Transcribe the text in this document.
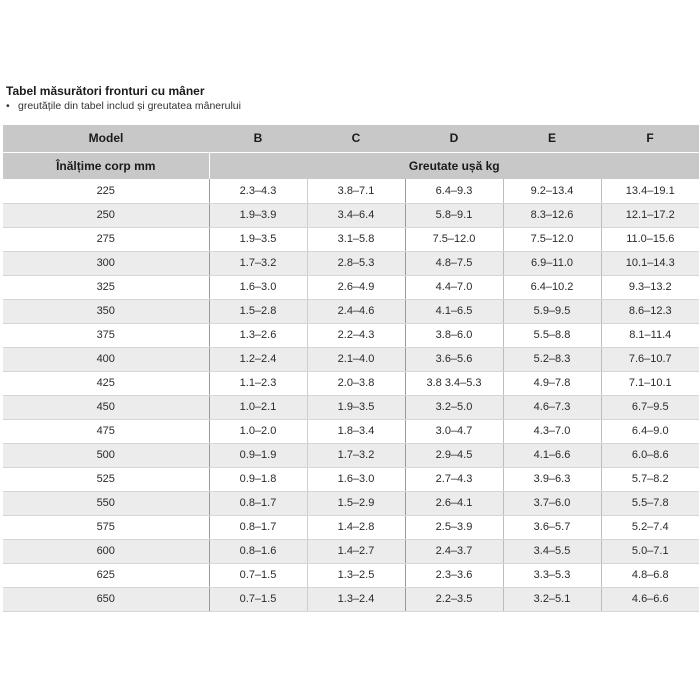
Tabel măsurători fronturi cu mâner

• greutățile din tabel includ și greutatea mânerului

Model	B	C	D	E	F
Înălțime corp mm	Greutate ușă kg				
225	2.3–4.3	3.8–7.1	6.4–9.3	9.2–13.4	13.4–19.1
250	1.9–3.9	3.4–6.4	5.8–9.1	8.3–12.6	12.1–17.2
275	1.9–3.5	3.1–5.8	7.5–12.0	7.5–12.0	11.0–15.6
300	1.7–3.2	2.8–5.3	4.8–7.5	6.9–11.0	10.1–14.3
325	1.6–3.0	2.6–4.9	4.4–7.0	6.4–10.2	9.3–13.2
350	1.5–2.8	2.4–4.6	4.1–6.5	5.9–9.5	8.6–12.3
375	1.3–2.6	2.2–4.3	3.8–6.0	5.5–8.8	8.1–11.4
400	1.2–2.4	2.1–4.0	3.6–5.6	5.2–8.3	7.6–10.7
425	1.1–2.3	2.0–3.8	3.8 3.4–5.3	4.9–7.8	7.1–10.1
450	1.0–2.1	1.9–3.5	3.2–5.0	4.6–7.3	6.7–9.5
475	1.0–2.0	1.8–3.4	3.0–4.7	4.3–7.0	6.4–9.0
500	0.9–1.9	1.7–3.2	2.9–4.5	4.1–6.6	6.0–8.6
525	0.9–1.8	1.6–3.0	2.7–4.3	3.9–6.3	5.7–8.2
550	0.8–1.7	1.5–2.9	2.6–4.1	3.7–6.0	5.5–7.8
575	0.8–1.7	1.4–2.8	2.5–3.9	3.6–5.7	5.2–7.4
600	0.8–1.6	1.4–2.7	2.4–3.7	3.4–5.5	5.0–7.1
625	0.7–1.5	1.3–2.5	2.3–3.6	3.3–5.3	4.8–6.8
650	0.7–1.5	1.3–2.4	2.2–3.5	3.2–5.1	4.6–6.6
